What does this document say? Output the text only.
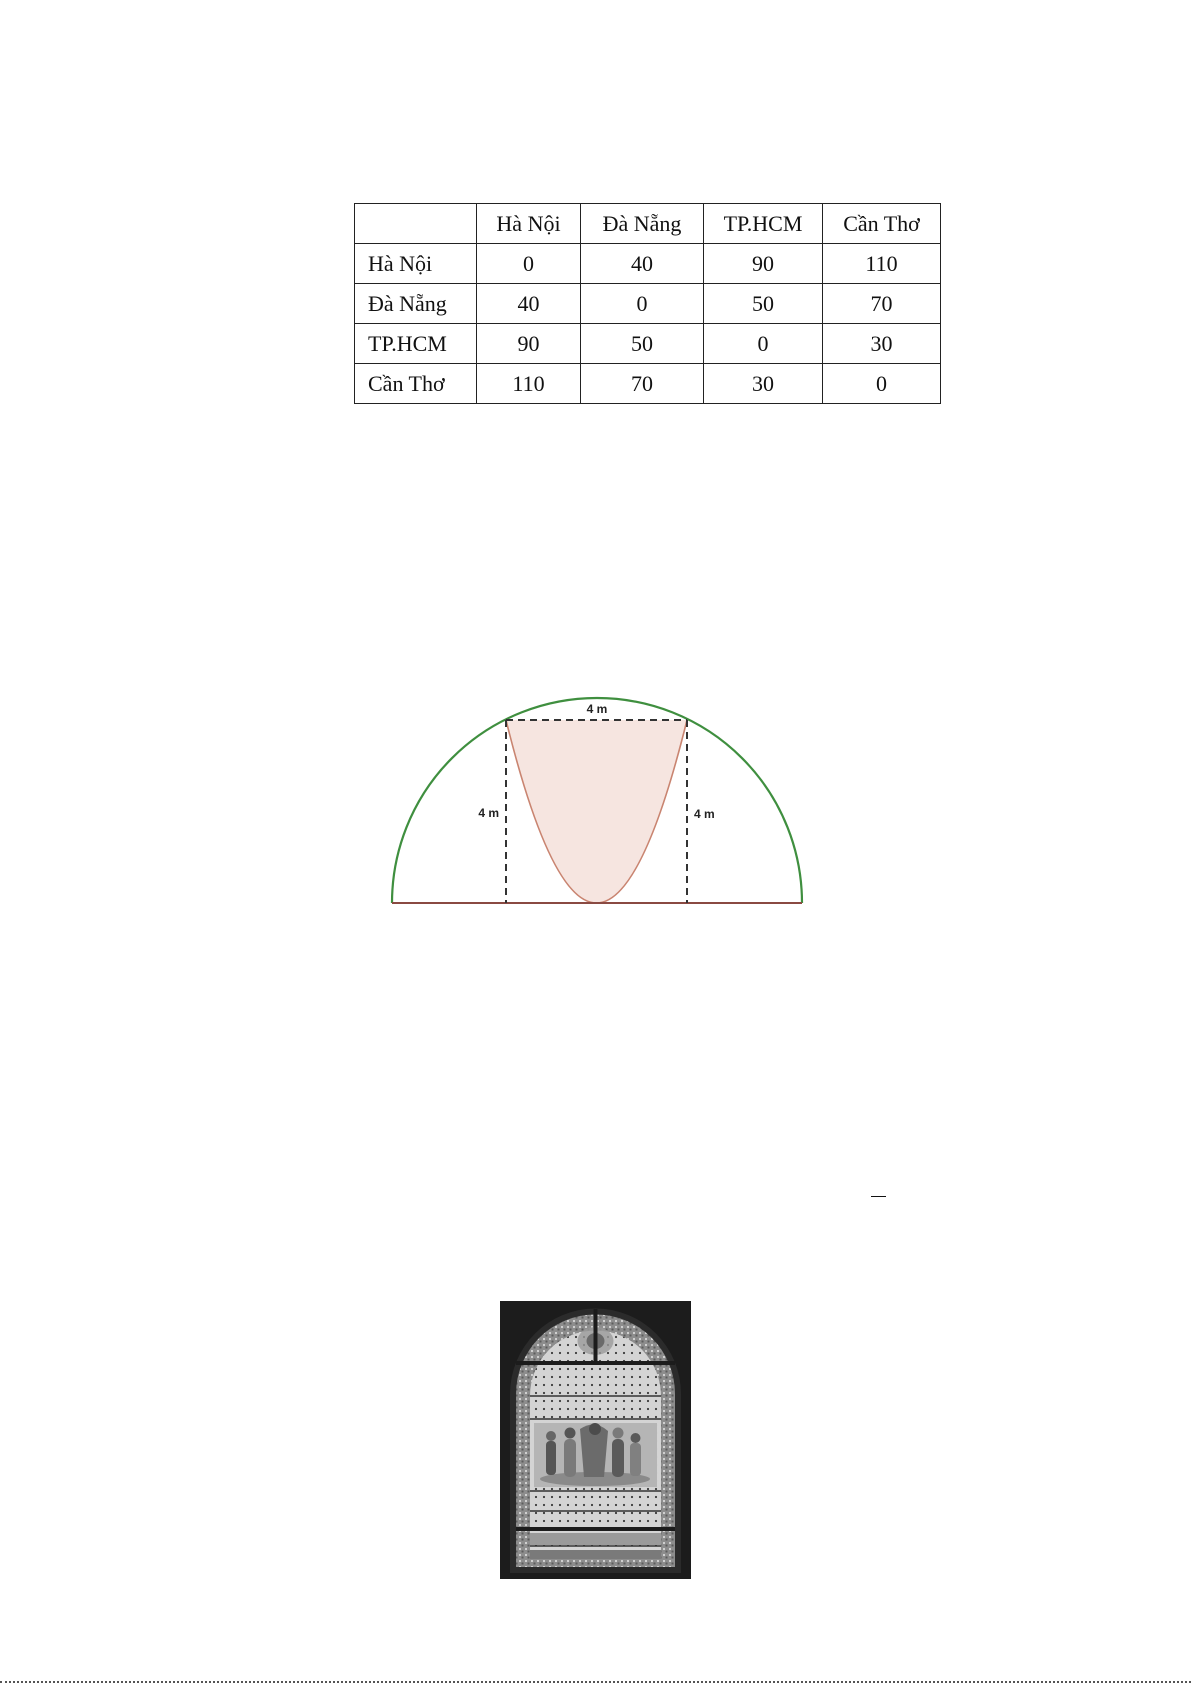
	Hà Nội	Đà Nẵng	TP.HCM	Cần Thơ
Hà Nội	0	40	90	110
Đà Nẵng	40	0	50	70
TP.HCM	90	50	0	30
Cần Thơ	110	70	30	0
4 m
4 m	4 m
